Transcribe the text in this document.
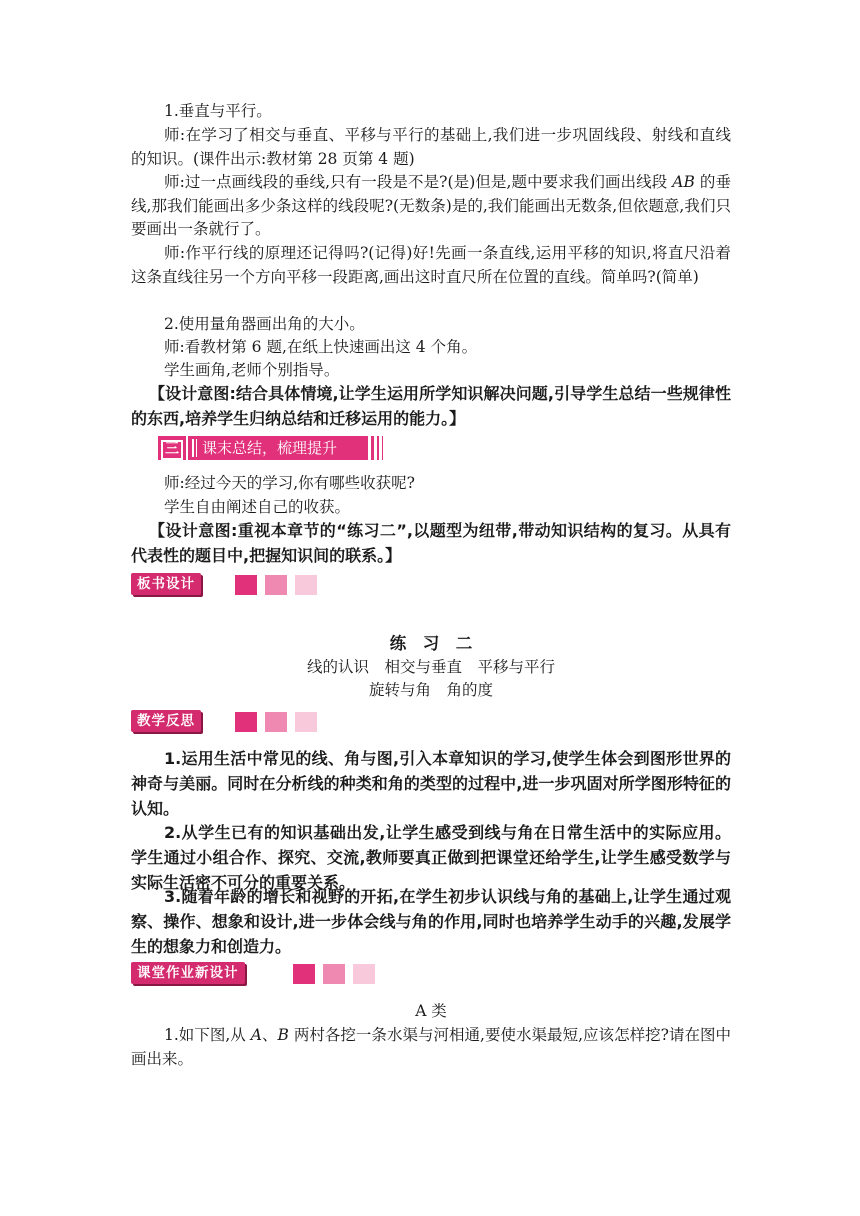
1.垂直与平行。

师:在学习了相交与垂直、平移与平行的基础上,我们进一步巩固线段、射线和直线的知识。(课件出示:教材第 28 页第 4 题)

师:过一点画线段的垂线,只有一段是不是?(是)但是,题中要求我们画出线段 AB 的垂线,那我们能画出多少条这样的线段呢?(无数条)是的,我们能画出无数条,但依题意,我们只要画出一条就行了。

师:作平行线的原理还记得吗?(记得)好!先画一条直线,运用平移的知识,将直尺沿着这条直线往另一个方向平移一段距离,画出这时直尺所在位置的直线。简单吗?(简单)

2.使用量角器画出角的大小。

师:看教材第 6 题,在纸上快速画出这 4 个角。

学生画角,老师个别指导。

【设计意图:结合具体情境,让学生运用所学知识解决问题,引导学生总结一些规律性的东西,培养学生归纳总结和迁移运用的能力。】

三	课末总结，梳理提升

师:经过今天的学习,你有哪些收获呢?

学生自由阐述自己的收获。

【设计意图:重视本章节的“练习二”,以题型为纽带,带动知识结构的复习。从具有代表性的题目中,把握知识间的联系。】

板书设计
练　习　二
线的认识　相交与垂直　平移与平行
旋转与角　角的度
教学反思

1.运用生活中常见的线、角与图,引入本章知识的学习,使学生体会到图形世界的神奇与美丽。同时在分析线的种类和角的类型的过程中,进一步巩固对所学图形特征的认知。

2.从学生已有的知识基础出发,让学生感受到线与角在日常生活中的实际应用。学生通过小组合作、探究、交流,教师要真正做到把课堂还给学生,让学生感受数学与实际生活密不可分的重要关系。

3.随着年龄的增长和视野的开拓,在学生初步认识线与角的基础上,让学生通过观察、操作、想象和设计,进一步体会线与角的作用,同时也培养学生动手的兴趣,发展学生的想象力和创造力。

课堂作业新设计
A 类

1.如下图,从 A、B 两村各挖一条水渠与河相通,要使水渠最短,应该怎样挖?请在图中画出来。
